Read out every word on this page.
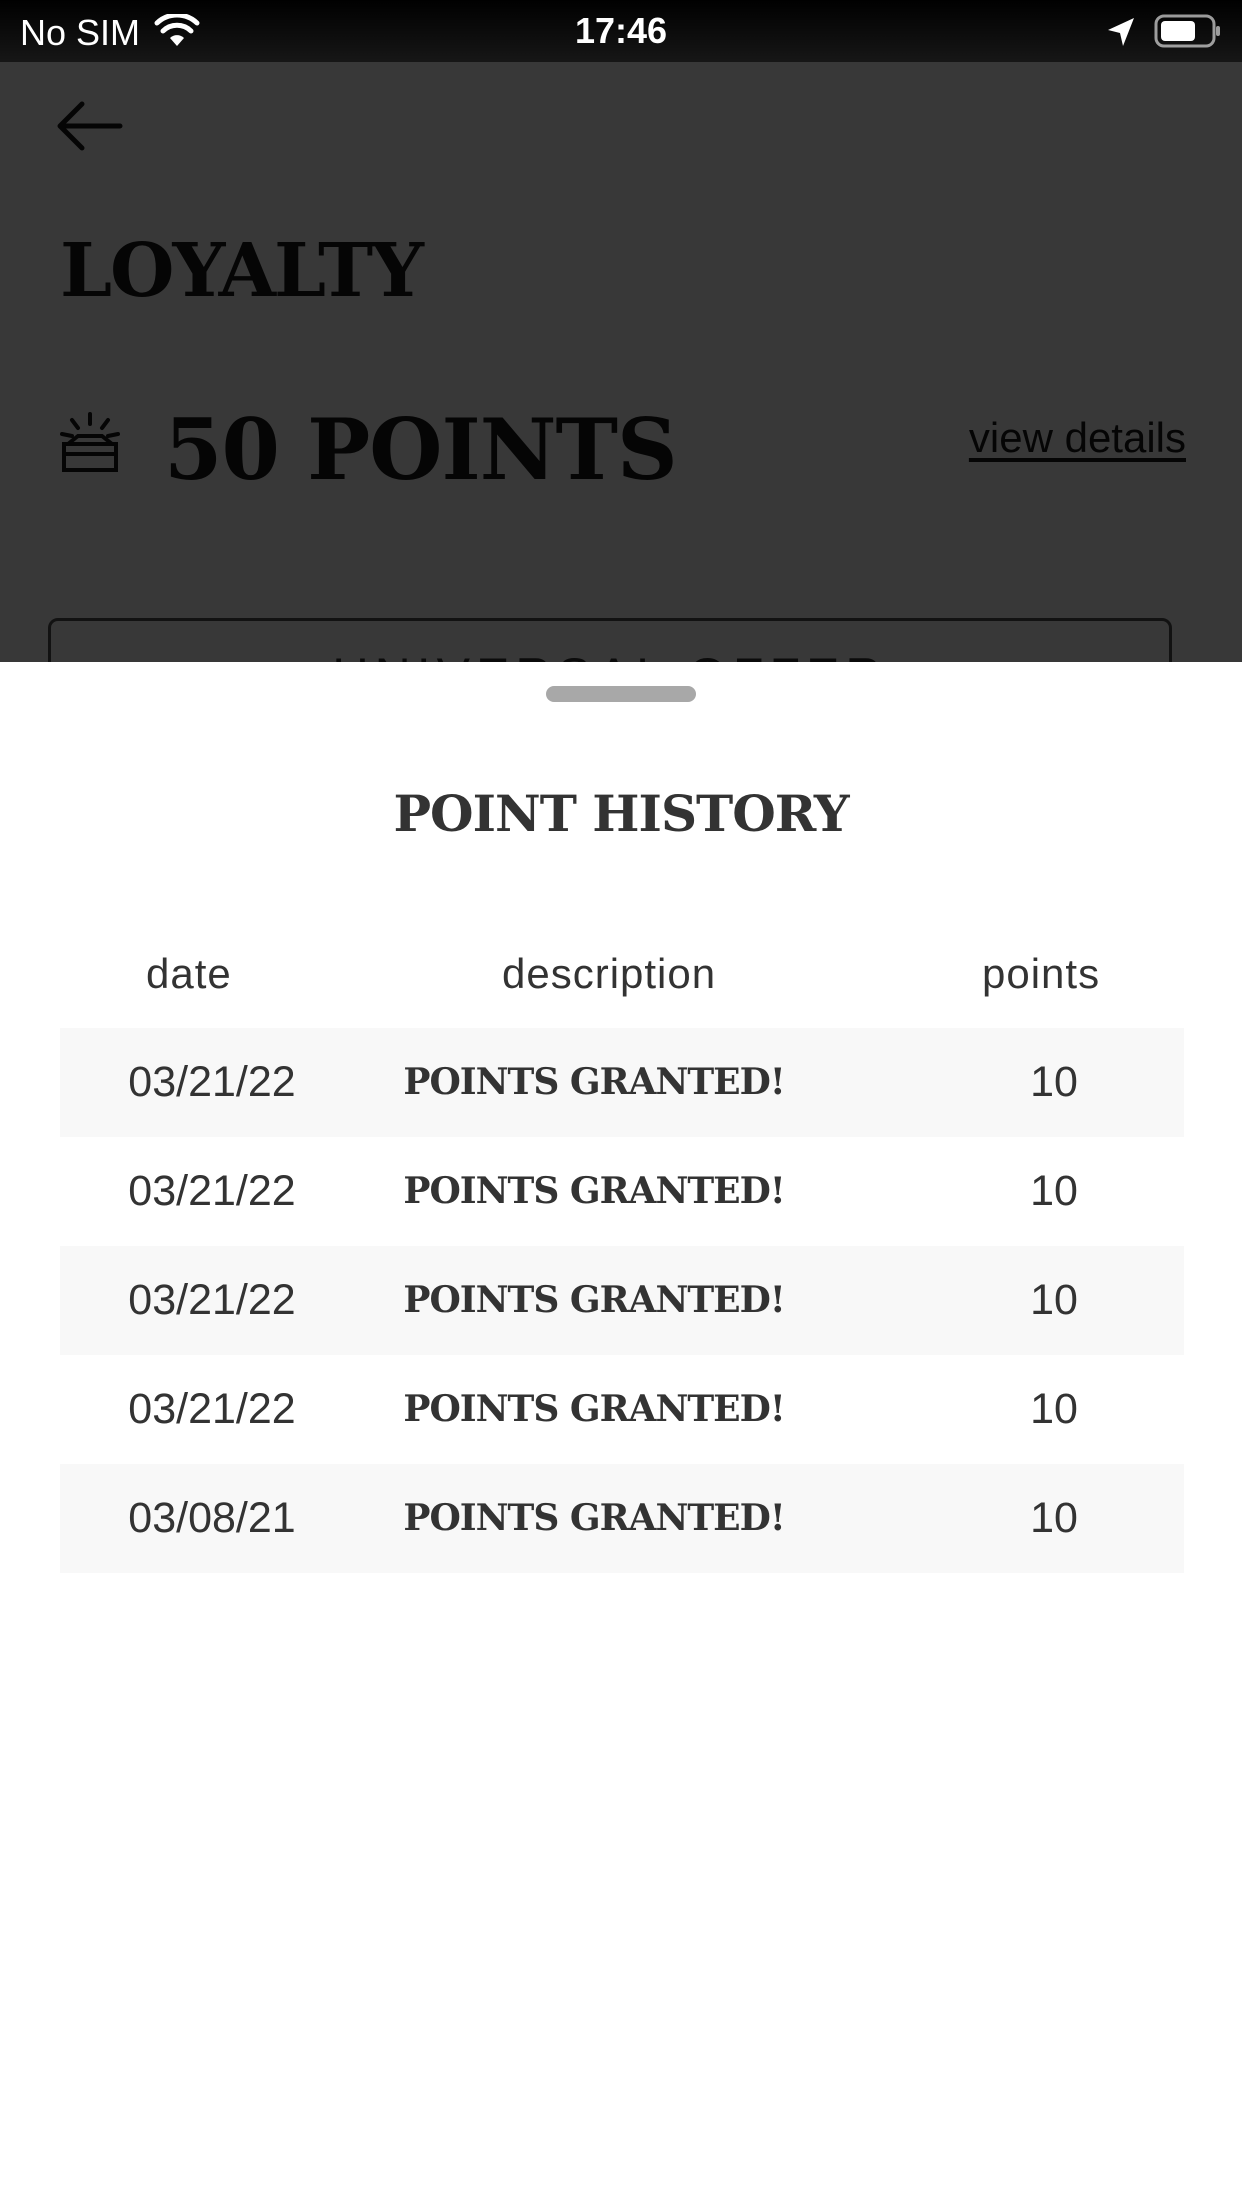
No SIM	17:46
POINT HISTORY
date	description	points
03/21/22	POINTS GRANTED!	10
03/21/22	POINTS GRANTED!	10
03/21/22	POINTS GRANTED!	10
03/21/22	POINTS GRANTED!	10
03/08/21	POINTS GRANTED!	10
